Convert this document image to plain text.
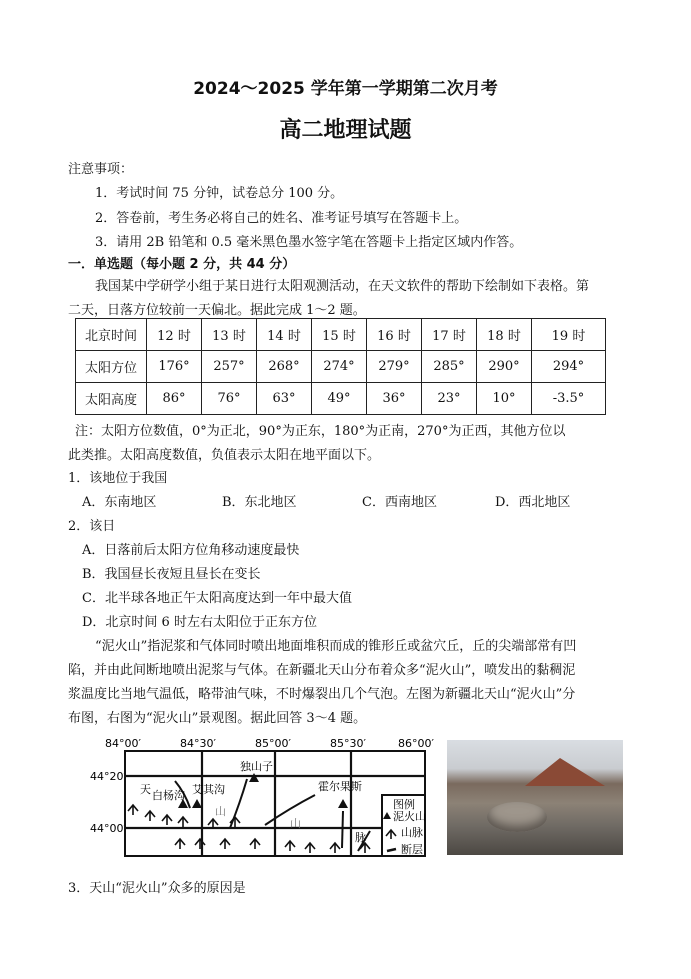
2024～2025 学年第一学期第二次月考
高二地理试题
注意事项：
1．考试时间 75 分钟，试卷总分 100 分。
2．答卷前，考生务必将自己的姓名、准考证号填写在答题卡上。
3．请用 2B 铅笔和 0.5 毫米黑色墨水签字笔在答题卡上指定区域内作答。
一．单选题（每小题 2 分，共 44 分）
我国某中学研学小组于某日进行太阳观测活动，在天文软件的帮助下绘制如下表格。第
二天，日落方位较前一天偏北。据此完成 1～2 题。
北京时间	12 时	13 时	14 时	15 时	16 时	17 时	18 时	19 时
太阳方位	176°	257°	268°	274°	279°	285°	290°	294°
太阳高度	86°	76°	63°	49°	36°	23°	10°	-3.5°
注：太阳方位数值，0°为正北，90°为正东，180°为正南，270°为正西，其他方位以
此类推。太阳高度数值，负值表示太阳在地平面以下。
1．该地位于我国
A．东南地区	B．东北地区	C．西南地区	D．西北地区
2．该日
A．日落前后太阳方位角移动速度最快
B．我国昼长夜短且昼长在变长
C．北半球各地正午太阳高度达到一年中最大值
D．北京时间 6 时左右太阳位于正东方位
“泥火山”指泥浆和气体同时喷出地面堆积而成的锥形丘或盆穴丘，丘的尖端部常有凹
陷，并由此间断地喷出泥浆与气体。在新疆北天山分布着众多“泥火山”，喷发出的黏稠泥
浆温度比当地气温低，略带油气味，不时爆裂出几个气泡。左图为新疆北天山“泥火山”分
布图，右图为“泥火山”景观图。据此回答 3～4 题。
84°00′	84°30′	85°00′	85°30′	86°00′
44°20′
44°00′
天
山
山
脉
独山子
白杨沟 艾其沟	霍尔果斯
图例
泥火山
山脉
断层
3．天山“泥火山”众多的原因是
